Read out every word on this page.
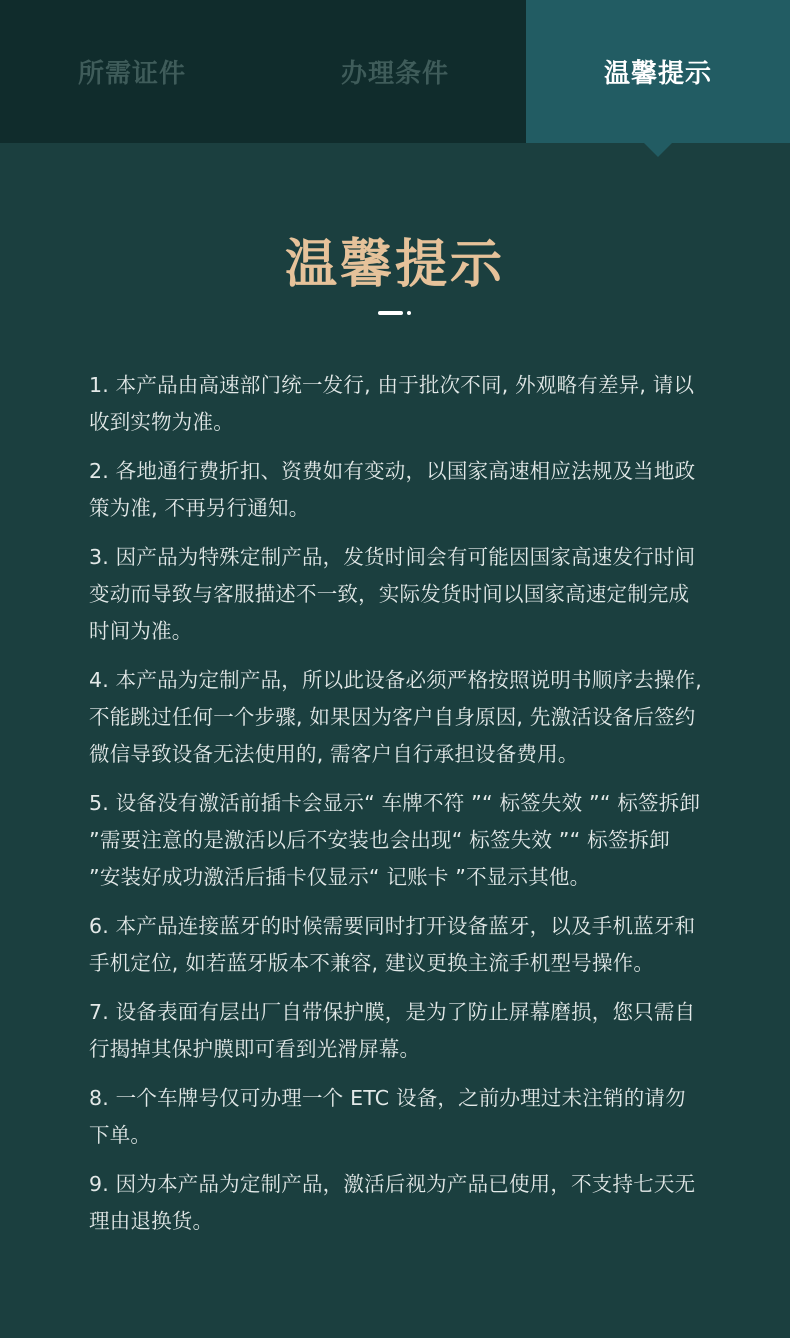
所需证件	办理条件	温馨提示
温馨提示
1. 本产品由高速部门统一发行, 由于批次不同, 外观略有差异, 请以收到实物为准。
2. 各地通行费折扣、资费如有变动，以国家高速相应法规及当地政策为准, 不再另行通知。
3. 因产品为特殊定制产品，发货时间会有可能因国家高速发行时间变动而导致与客服描述不一致，实际发货时间以国家高速定制完成时间为准。
4. 本产品为定制产品，所以此设备必须严格按照说明书顺序去操作, 不能跳过任何一个步骤, 如果因为客户自身原因, 先激活设备后签约微信导致设备无法使用的, 需客户自行承担设备费用。
5. 设备没有激活前插卡会显示“ 车牌不符 ”“ 标签失效 ”“ 标签拆卸 ”需要注意的是激活以后不安装也会出现“ 标签失效 ”“ 标签拆卸 ”安装好成功激活后插卡仅显示“ 记账卡 ”不显示其他。
6. 本产品连接蓝牙的时候需要同时打开设备蓝牙，以及手机蓝牙和手机定位, 如若蓝牙版本不兼容, 建议更换主流手机型号操作。
7. 设备表面有层出厂自带保护膜，是为了防止屏幕磨损，您只需自行揭掉其保护膜即可看到光滑屏幕。
8. 一个车牌号仅可办理一个 ETC 设备，之前办理过未注销的请勿下单。
9. 因为本产品为定制产品，激活后视为产品已使用，不支持七天无理由退换货。
